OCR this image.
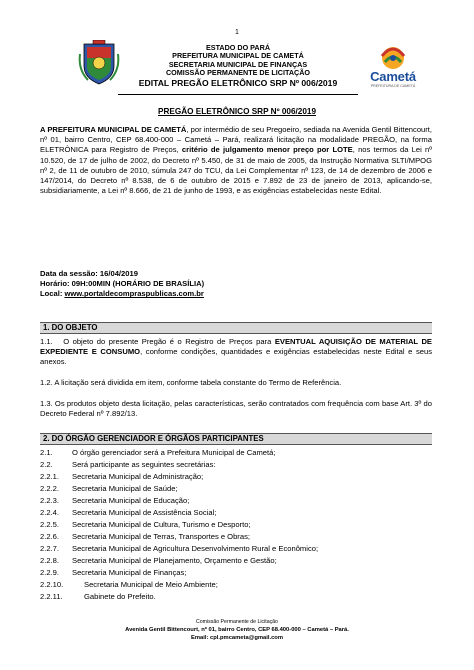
1
ESTADO DO PARÁ
PREFEITURA MUNICIPAL DE CAMETÁ
SECRETARIA MUNICIPAL DE FINANÇAS
COMISSÃO PERMANENTE DE LICITAÇÃO
EDITAL PREGÃO ELETRÔNICO SRP Nº 006/2019	Cametá
PREFEITURA DE CAMETÁ
PREGÃO ELETRÔNICO SRP Nº 006/2019
A PREFEITURA MUNICIPAL DE CAMETÁ, por intermédio de seu Pregoeiro, sediada na Avenida Gentil Bittencourt, nº 01, bairro Centro, CEP 68.400-000 – Cametá – Pará, realizará licitação na modalidade PREGÃO, na forma ELETRÔNICA para Registro de Preços, critério de julgamento menor preço por LOTE, nos termos da Lei nº 10.520, de 17 de julho de 2002, do Decreto nº 5.450, de 31 de maio de 2005, da Instrução Normativa SLTI/MPOG nº 2, de 11 de outubro de 2010, súmula 247 do TCU, da Lei Complementar nº 123, de 14 de dezembro de 2006 e 147/2014, do Decreto nº 8.538, de 6 de outubro de 2015 e 7.892 de 23 de janeiro de 2013, aplicando-se, subsidiariamente, a Lei nº 8.666, de 21 de junho de 1993, e as exigências estabelecidas neste Edital.
Data da sessão: 16/04/2019
Horário: 09H:00MIN (HORÁRIO DE BRASÍLIA)
Local: www.portaldecompraspublicas.com.br
1. DO OBJETO
1.1. O objeto do presente Pregão é o Registro de Preços para EVENTUAL AQUISIÇÃO DE MATERIAL DE EXPEDIENTE E CONSUMO, conforme condições, quantidades e exigências estabelecidas neste Edital e seus anexos.
1.2. A licitação será dividida em item, conforme tabela constante do Termo de Referência.
1.3. Os produtos objeto desta licitação, pelas características, serão contratados com frequência com base Art. 3º do Decreto Federal nº 7.892/13.
2. DO ÓRGÃO GERENCIADOR E ÓRGÃOS PARTICIPANTES
2.1.	O órgão gerenciador será a Prefeitura Municipal de Cametá;
2.2.	Será participante as seguintes secretárias:
2.2.1. Secretaria Municipal de Administração;
2.2.2. Secretaria Municipal de Saúde;
2.2.3. Secretaria Municipal de Educação;
2.2.4. Secretaria Municipal de Assistência Social;
2.2.5. Secretaria Municipal de Cultura, Turismo e Desporto;
2.2.6. Secretaria Municipal de Terras, Transportes e Obras;
2.2.7. Secretaria Municipal de Agricultura Desenvolvimento Rural e Econômico;
2.2.8. Secretaria Municipal de Planejamento, Orçamento e Gestão;
2.2.9. Secretaria Municipal de Finanças;
2.2.10.	Secretaria Municipal de Meio Ambiente;
2.2.11.	Gabinete do Prefeito.
Comissão Permanente de Licitação
Avenida Gentil Bittencourt, nº 01, bairro Centro, CEP 68.400-000 – Cametá – Pará.
Email: cpl.pmcameta@gmail.com
